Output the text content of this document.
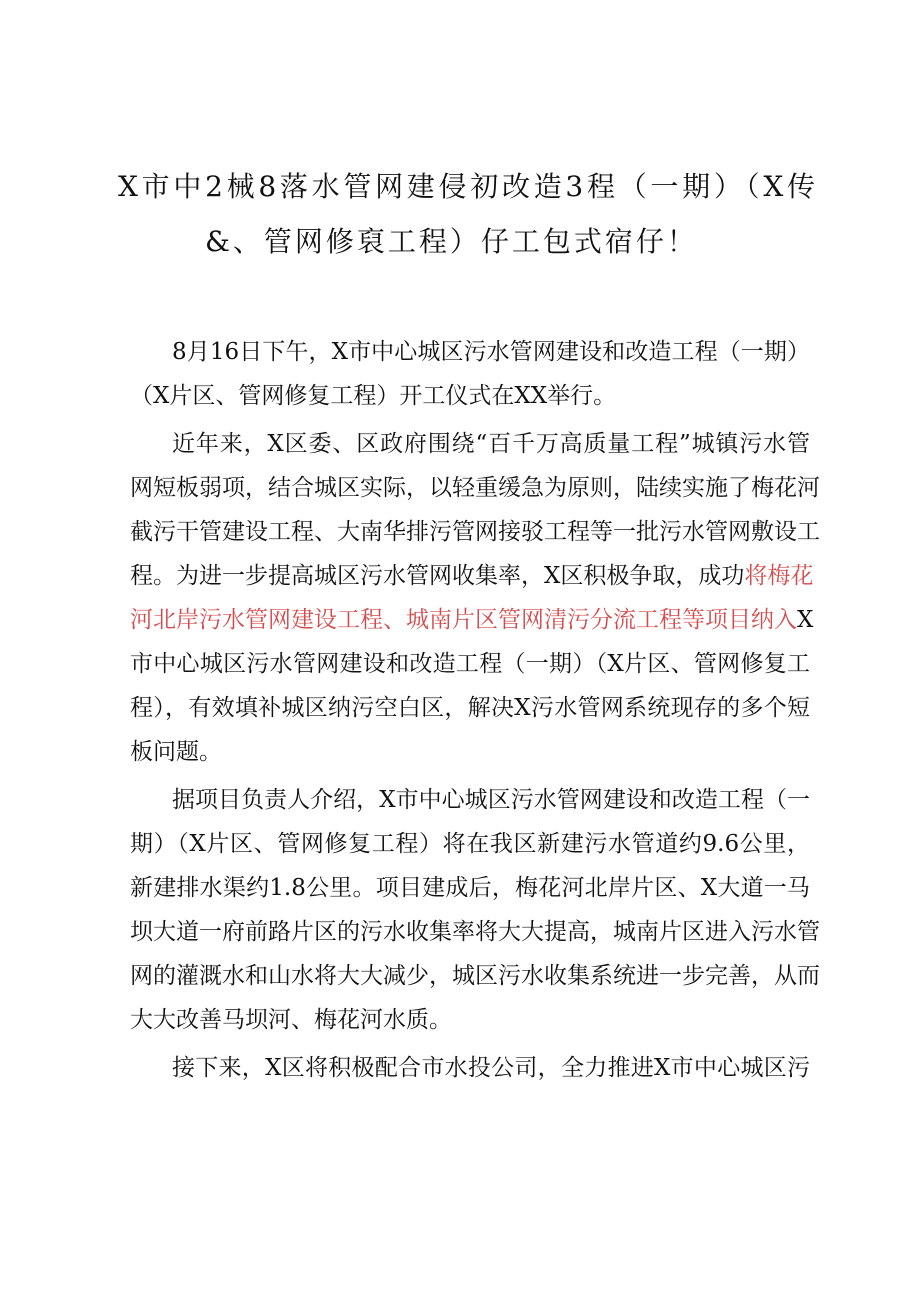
X市中2械8落水管网建侵初改造3程（一期）（X传
&、管网修裒工程）仔工包式宿仔！
8月16日下午，X市中心城区污水管网建设和改造工程（一期）
（X片区、管网修复工程）开工仪式在XX举行。
近年来，X区委、区政府围绕“百千万高质量工程”城镇污水管
网短板弱项，结合城区实际，以轻重缓急为原则，陆续实施了梅花河
截污干管建设工程、大南华排污管网接驳工程等一批污水管网敷设工
程。为进一步提高城区污水管网收集率，X区积极争取，成功将梅花
河北岸污水管网建设工程、城南片区管网清污分流工程等项目纳入X
市中心城区污水管网建设和改造工程（一期）（X片区、管网修复工
程），有效填补城区纳污空白区，解决X污水管网系统现存的多个短
板问题。
据项目负责人介绍，X市中心城区污水管网建设和改造工程（一
期）（X片区、管网修复工程）将在我区新建污水管道约9.6公里，
新建排水渠约1.8公里。项目建成后，梅花河北岸片区、X大道一马
坝大道一府前路片区的污水收集率将大大提高，城南片区进入污水管
网的灌溉水和山水将大大减少，城区污水收集系统进一步完善，从而
大大改善马坝河、梅花河水质。
接下来，X区将积极配合市水投公司，全力推进X市中心城区污
